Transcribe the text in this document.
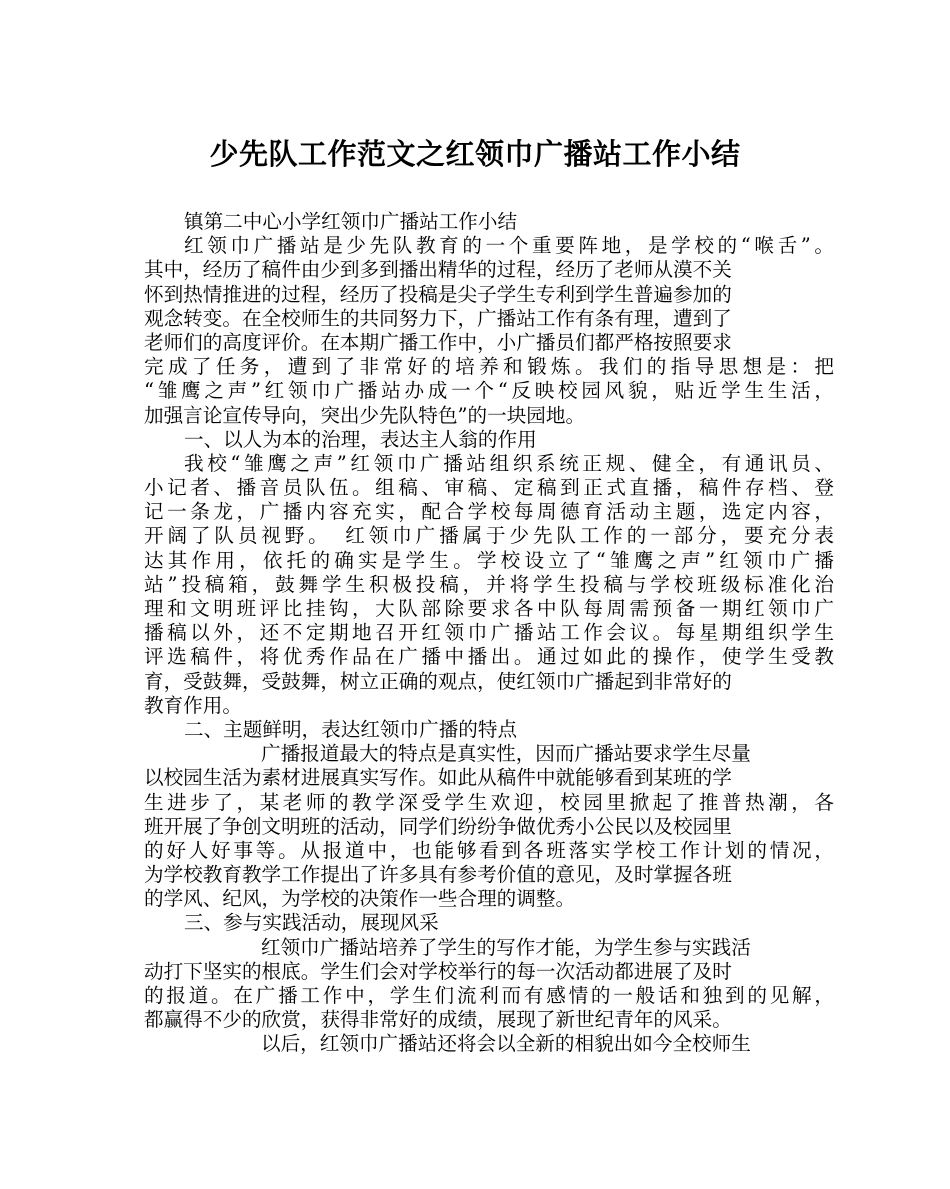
少先队工作范文之红领巾广播站工作小结
镇第二中心小学红领巾广播站工作小结
红领巾广播站是少先队教育的一个重要阵地，是学校的“喉舌”。
其中，经历了稿件由少到多到播出精华的过程，经历了老师从漠不关
怀到热情推进的过程，经历了投稿是尖子学生专利到学生普遍参加的
观念转变。在全校师生的共同努力下，广播站工作有条有理，遭到了
老师们的高度评价。在本期广播工作中，小广播员们都严格按照要求
完成了任务，遭到了非常好的培养和锻炼。我们的指导思想是：把
“雏鹰之声”红领巾广播站办成一个“反映校园风貌，贴近学生生活，
加强言论宣传导向，突出少先队特色”的一块园地。
一、以人为本的治理，表达主人翁的作用
我校“雏鹰之声”红领巾广播站组织系统正规、健全，有通讯员、
小记者、播音员队伍。组稿、审稿、定稿到正式直播，稿件存档、登
记一条龙，广播内容充实，配合学校每周德育活动主题，选定内容，
开阔了队员视野。　红领巾广播属于少先队工作的一部分，要充分表
达其作用，依托的确实是学生。学校设立了“雏鹰之声”红领巾广播
站”投稿箱，鼓舞学生积极投稿，并将学生投稿与学校班级标准化治
理和文明班评比挂钩，大队部除要求各中队每周需预备一期红领巾广
播稿以外，还不定期地召开红领巾广播站工作会议。每星期组织学生
评选稿件，将优秀作品在广播中播出。通过如此的操作，使学生受教
育，受鼓舞，受鼓舞，树立正确的观点，使红领巾广播起到非常好的
教育作用。
二、主题鲜明，表达红领巾广播的特点
广播报道最大的特点是真实性，因而广播站要求学生尽量
以校园生活为素材进展真实写作。如此从稿件中就能够看到某班的学
生进步了，某老师的教学深受学生欢迎，校园里掀起了推普热潮，各
班开展了争创文明班的活动，同学们纷纷争做优秀小公民以及校园里
的好人好事等。从报道中，也能够看到各班落实学校工作计划的情况，
为学校教育教学工作提出了许多具有参考价值的意见，及时掌握各班
的学风、纪风，为学校的决策作一些合理的调整。
三、参与实践活动，展现风采
红领巾广播站培养了学生的写作才能，为学生参与实践活
动打下坚实的根底。学生们会对学校举行的每一次活动都进展了及时
的报道。在广播工作中，学生们流利而有感情的一般话和独到的见解，
都赢得不少的欣赏，获得非常好的成绩，展现了新世纪青年的风采。
以后，红领巾广播站还将会以全新的相貌出如今全校师生
